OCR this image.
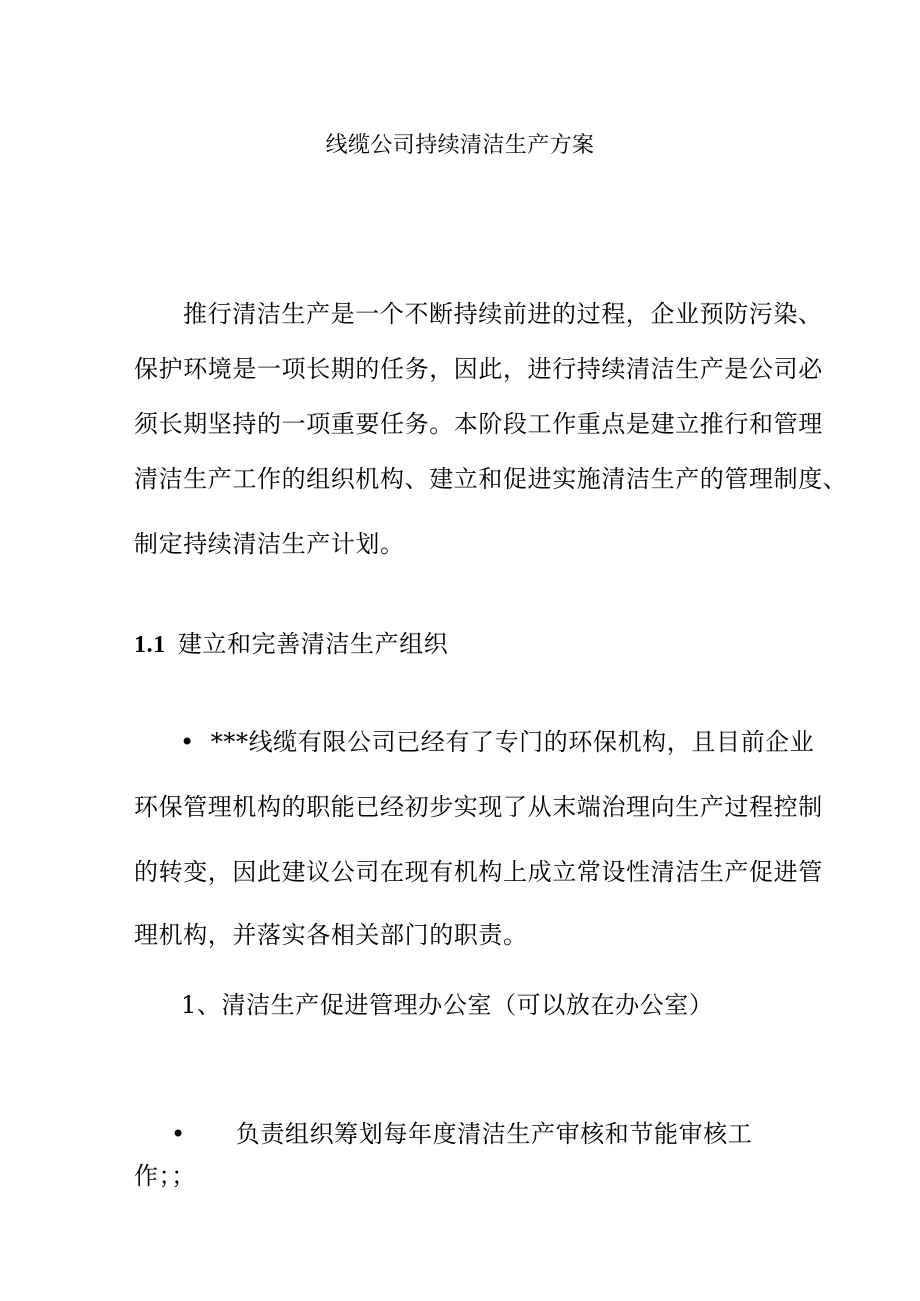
线缆公司持续清洁生产方案
推行清洁生产是一个不断持续前进的过程，企业预防污染、
保护环境是一项长期的任务，因此，进行持续清洁生产是公司必
须长期坚持的一项重要任务。本阶段工作重点是建立推行和管理
清洁生产工作的组织机构、建立和促进实施清洁生产的管理制度、
制定持续清洁生产计划。
1.1 建立和完善清洁生产组织
• ***线缆有限公司已经有了专门的环保机构，且目前企业
环保管理机构的职能已经初步实现了从末端治理向生产过程控制
的转变，因此建议公司在现有机构上成立常设性清洁生产促进管
理机构，并落实各相关部门的职责。
1、清洁生产促进管理办公室（可以放在办公室）
• 负责组织筹划每年度清洁生产审核和节能审核工
作；；
